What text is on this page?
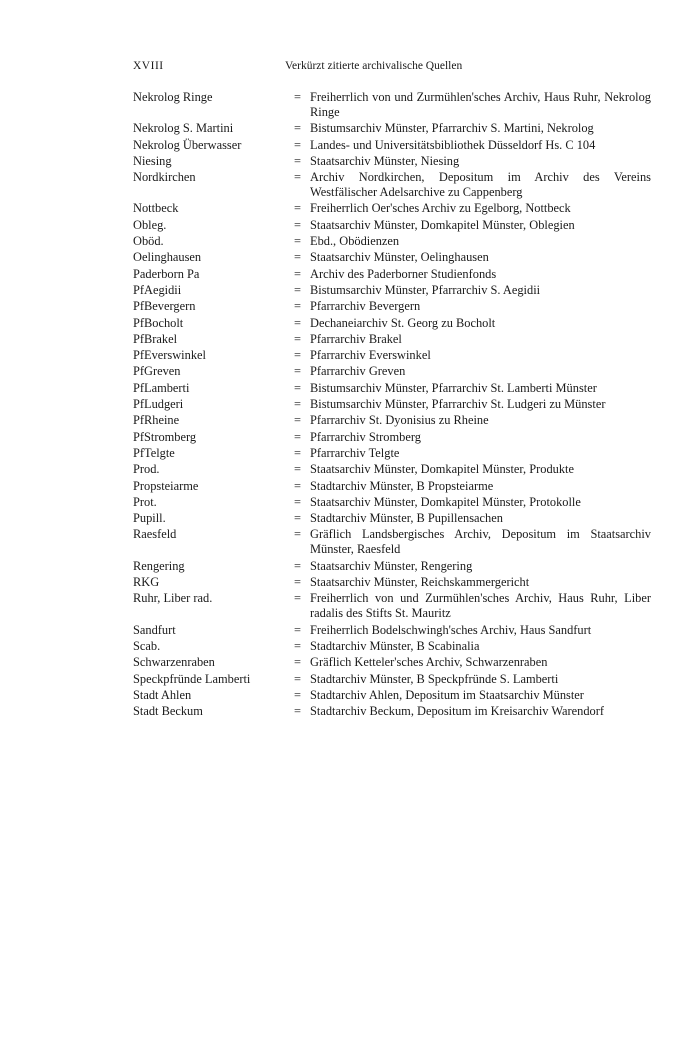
XVIII	Verkürzt zitierte archivalische Quellen
Nekrolog Ringe	= Freiherrlich von und Zurmühlen'sches Archiv, Haus Ruhr, Nekrolog Ringe
Nekrolog S. Martini	= Bistumsarchiv Münster, Pfarrarchiv S. Martini, Nekrolog
Nekrolog Überwasser	= Landes- und Universitätsbibliothek Düsseldorf Hs. C 104
Niesing	= Staatsarchiv Münster, Niesing
Nordkirchen	= Archiv Nordkirchen, Depositum im Archiv des Vereins Westfälischer Adelsarchive zu Cappenberg
Nottbeck	= Freiherrlich Oer'sches Archiv zu Egelborg, Nottbeck
Obleg.	= Staatsarchiv Münster, Domkapitel Münster, Oblegien
Oböd.	= Ebd., Obödienzen
Oelinghausen	= Staatsarchiv Münster, Oelinghausen
Paderborn Pa	= Archiv des Paderborner Studienfonds
PfAegidii	= Bistumsarchiv Münster, Pfarrarchiv S. Aegidii
PfBevergern	= Pfarrarchiv Bevergern
PfBocholt	= Dechaneiarchiv St. Georg zu Bocholt
PfBrakel	= Pfarrarchiv Brakel
PfEverswinkel	= Pfarrarchiv Everswinkel
PfGreven	= Pfarrarchiv Greven
PfLamberti	= Bistumsarchiv Münster, Pfarrarchiv St. Lamberti Münster
PfLudgeri	= Bistumsarchiv Münster, Pfarrarchiv St. Ludgeri zu Münster
PfRheine	= Pfarrarchiv St. Dyonisius zu Rheine
PfStromberg	= Pfarrarchiv Stromberg
PfTelgte	= Pfarrarchiv Telgte
Prod.	= Staatsarchiv Münster, Domkapitel Münster, Produkte
Propsteiarme	= Stadtarchiv Münster, B Propsteiarme
Prot.	= Staatsarchiv Münster, Domkapitel Münster, Protokolle
Pupill.	= Stadtarchiv Münster, B Pupillensachen
Raesfeld	= Gräflich Landsbergisches Archiv, Depositum im Staatsarchiv Münster, Raesfeld
Rengering	= Staatsarchiv Münster, Rengering
RKG	= Staatsarchiv Münster, Reichskammergericht
Ruhr, Liber rad.	= Freiherrlich von und Zurmühlen'sches Archiv, Haus Ruhr, Liber radalis des Stifts St. Mauritz
Sandfurt	= Freiherrlich Bodelschwingh'sches Archiv, Haus Sandfurt
Scab.	= Stadtarchiv Münster, B Scabinalia
Schwarzenraben	= Gräflich Ketteler'sches Archiv, Schwarzenraben
Speckpfründe Lamberti	= Stadtarchiv Münster, B Speckpfründe S. Lamberti
Stadt Ahlen	= Stadtarchiv Ahlen, Depositum im Staatsarchiv Münster
Stadt Beckum	= Stadtarchiv Beckum, Depositum im Kreisarchiv Warendorf
